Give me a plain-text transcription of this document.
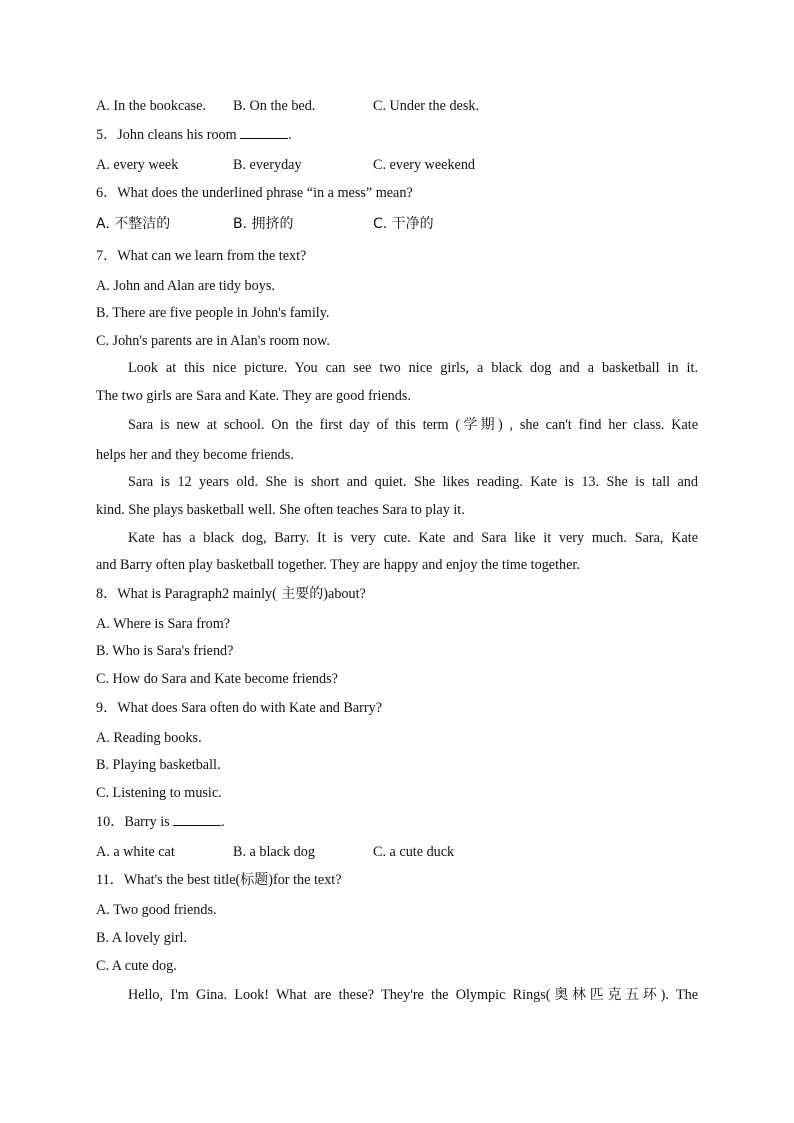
A. In the bookcase. B. On the bed.	C. Under the desk.
5．John cleans his room	.
A. every week	B. everyday	C. every weekend
6．What does the underlined phrase “in a mess” mean?
A. 不整洁的	B. 拥挤的	C. 干净的
7．What can we learn from the text?
A. John and Alan are tidy boys.
B. There are five people in John's family.
C. John's parents are in Alan's room now.
Look at this nice picture. You can see two nice girls, a black dog and a basketball in it.
The two girls are Sara and Kate. They are good friends.
Sara is new at school. On the first day of this term (学期) , she can't find her class. Kate
helps her and they become friends.
Sara is 12 years old. She is short and quiet. She likes reading. Kate is 13. She is tall and
kind. She plays basketball well. She often teaches Sara to play it.
Kate has a black dog, Barry. It is very cute. Kate and Sara like it very much. Sara, Kate
and Barry often play basketball together. They are happy and enjoy the time together.
8．What is Paragraph2 mainly( 主要的)about?
A. Where is Sara from?
B. Who is Sara's friend?
C. How do Sara and Kate become friends?
9．What does Sara often do with Kate and Barry?
A. Reading books.
B. Playing basketball.
C. Listening to music.
10．Barry is	.
A. a white cat	B. a black dog	C. a cute duck
11．What's the best title(标题)for the text?
A. Two good friends.
B. A lovely girl.
C. A cute dog.
Hello, I'm Gina. Look! What are these? They're the Olympic Rings(奥林匹克五环). The
